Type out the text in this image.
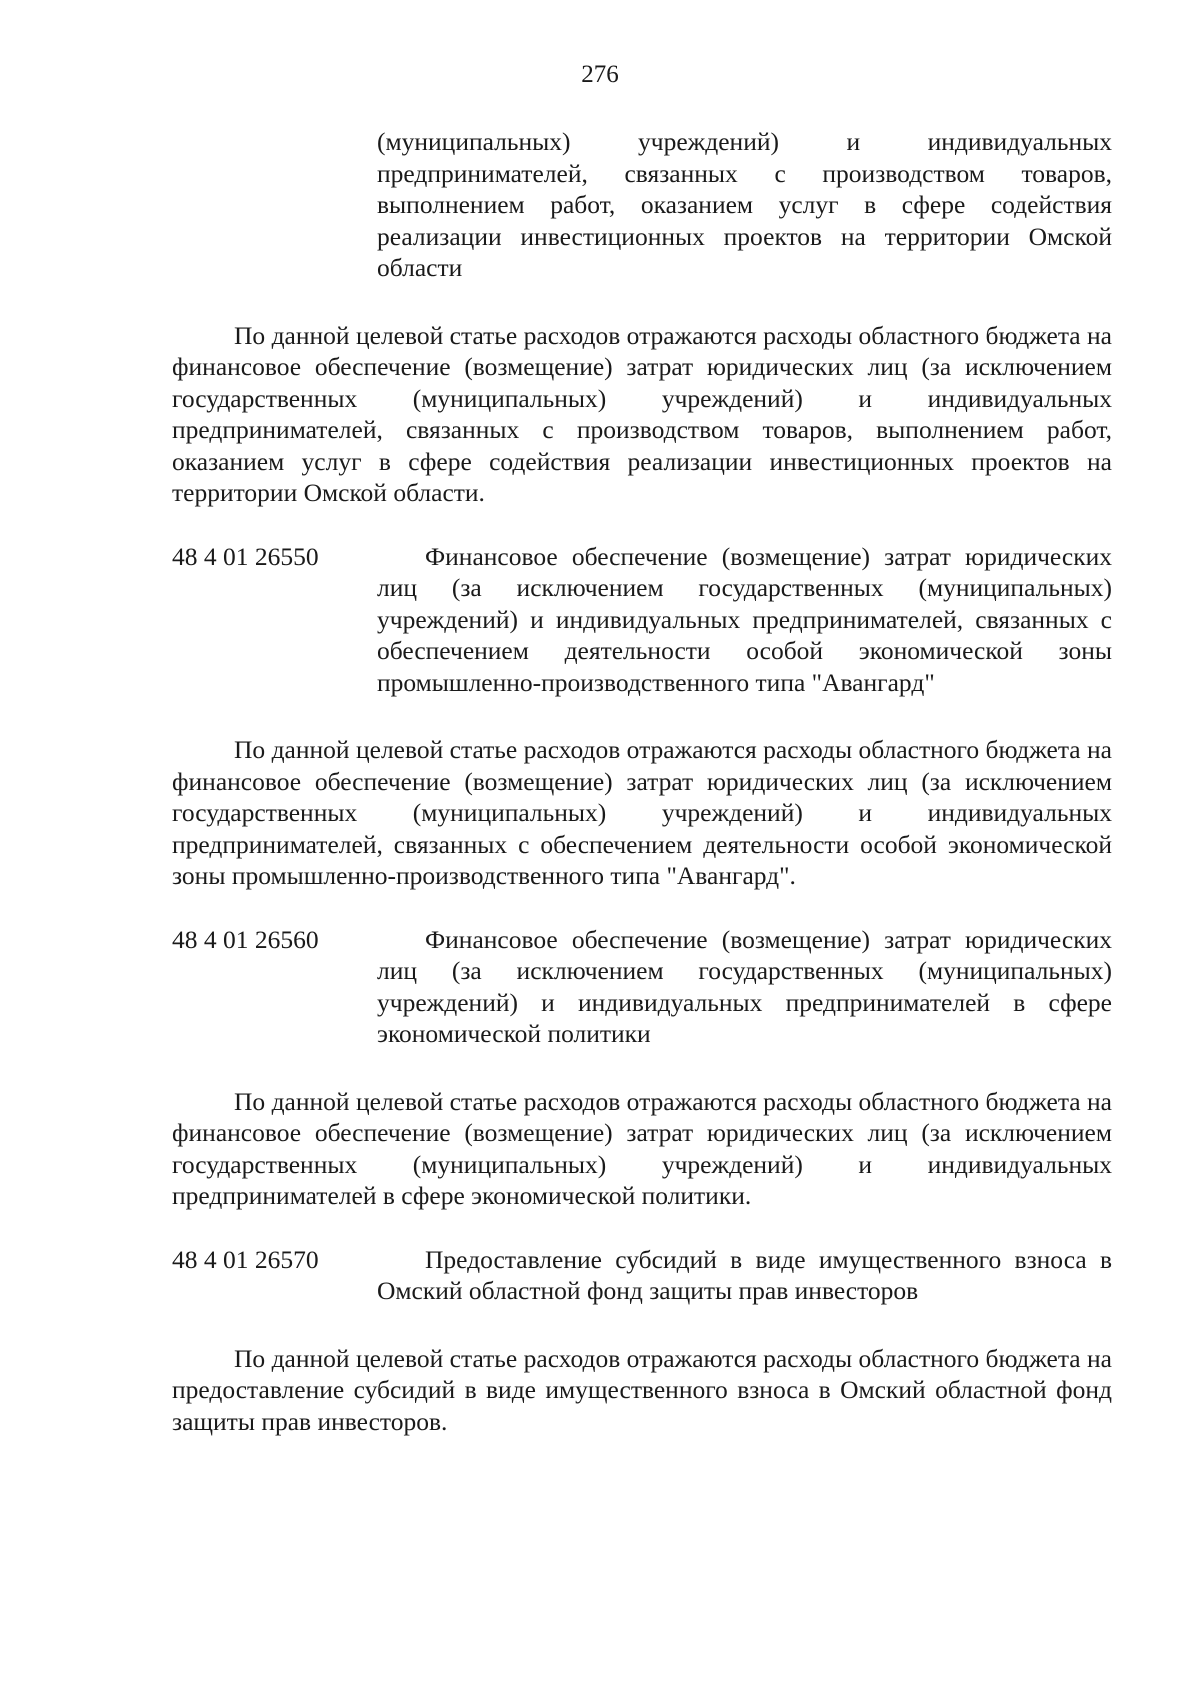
276
(муниципальных) учреждений) и индивидуальных предпринимателей, связанных с производством товаров, выполнением работ, оказанием услуг в сфере содействия реализации инвестиционных проектов на территории Омской области
По данной целевой статье расходов отражаются расходы областного бюджета на финансовое обеспечение (возмещение) затрат юридических лиц (за исключением государственных (муниципальных) учреждений) и индивидуальных предпринимателей, связанных с производством товаров, выполнением работ, оказанием услуг в сфере содействия реализации инвестиционных проектов на территории Омской области.
48 4 01 26550	Финансовое обеспечение (возмещение) затрат юридических лиц (за исключением государственных (муниципальных) учреждений) и индивидуальных предпринимателей, связанных с обеспечением деятельности особой экономической зоны промышленно-производственного типа "Авангард"
По данной целевой статье расходов отражаются расходы областного бюджета на финансовое обеспечение (возмещение) затрат юридических лиц (за исключением государственных (муниципальных) учреждений) и индивидуальных предпринимателей, связанных с обеспечением деятельности особой экономической зоны промышленно-производственного типа "Авангард".
48 4 01 26560	Финансовое обеспечение (возмещение) затрат юридических лиц (за исключением государственных (муниципальных) учреждений) и индивидуальных предпринимателей в сфере экономической политики
По данной целевой статье расходов отражаются расходы областного бюджета на финансовое обеспечение (возмещение) затрат юридических лиц (за исключением государственных (муниципальных) учреждений) и индивидуальных предпринимателей в сфере экономической политики.
48 4 01 26570	Предоставление субсидий в виде имущественного взноса в Омский областной фонд защиты прав инвесторов
По данной целевой статье расходов отражаются расходы областного бюджета на предоставление субсидий в виде имущественного взноса в Омский областной фонд защиты прав инвесторов.
